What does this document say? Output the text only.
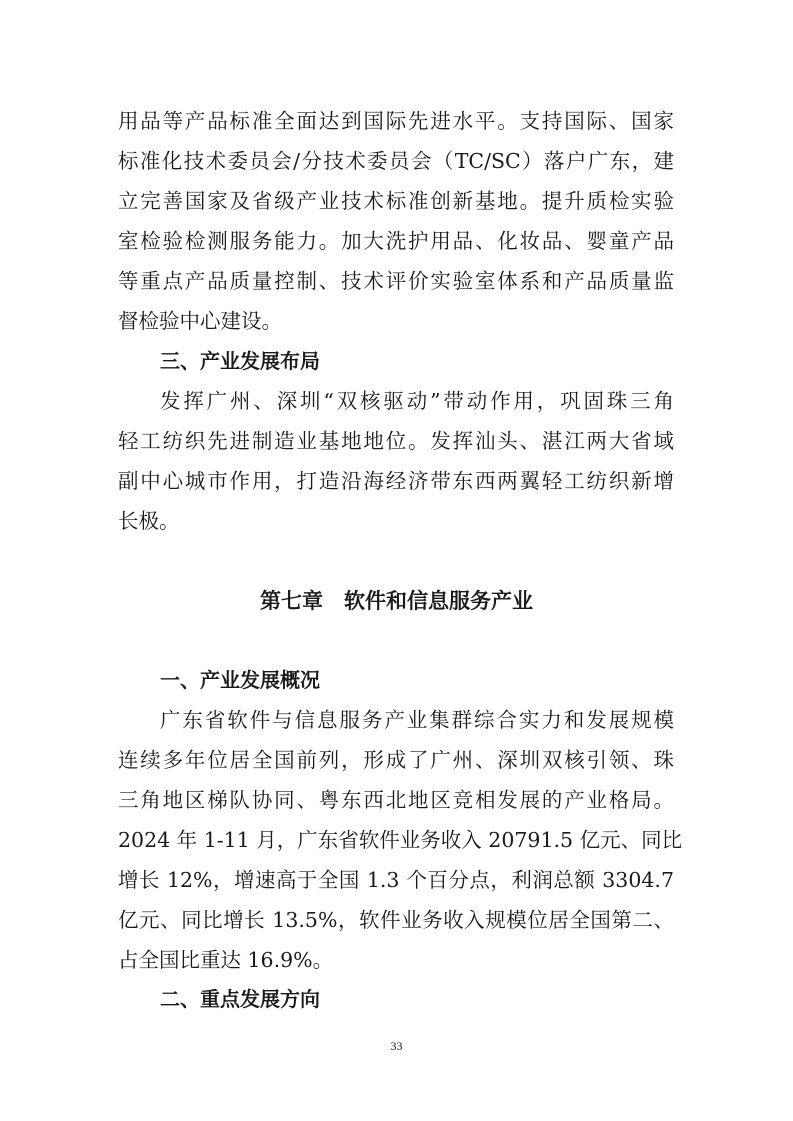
用品等产品标准全面达到国际先进水平。支持国际、国家
标准化技术委员会/分技术委员会（TC/SC）落户广东，建
立完善国家及省级产业技术标准创新基地。提升质检实验
室检验检测服务能力。加大洗护用品、化妆品、婴童产品
等重点产品质量控制、技术评价实验室体系和产品质量监
督检验中心建设。
三、产业发展布局
发挥广州、深圳“双核驱动”带动作用，巩固珠三角
轻工纺织先进制造业基地地位。发挥汕头、湛江两大省域
副中心城市作用，打造沿海经济带东西两翼轻工纺织新增
长极。
第七章　软件和信息服务产业
一、产业发展概况
广东省软件与信息服务产业集群综合实力和发展规模
连续多年位居全国前列，形成了广州、深圳双核引领、珠
三角地区梯队协同、粤东西北地区竞相发展的产业格局。
2024 年 1-11 月，广东省软件业务收入 20791.5 亿元、同比
增长 12%，增速高于全国 1.3 个百分点，利润总额 3304.7
亿元、同比增长 13.5%，软件业务收入规模位居全国第二、
占全国比重达 16.9%。
二、重点发展方向
33
